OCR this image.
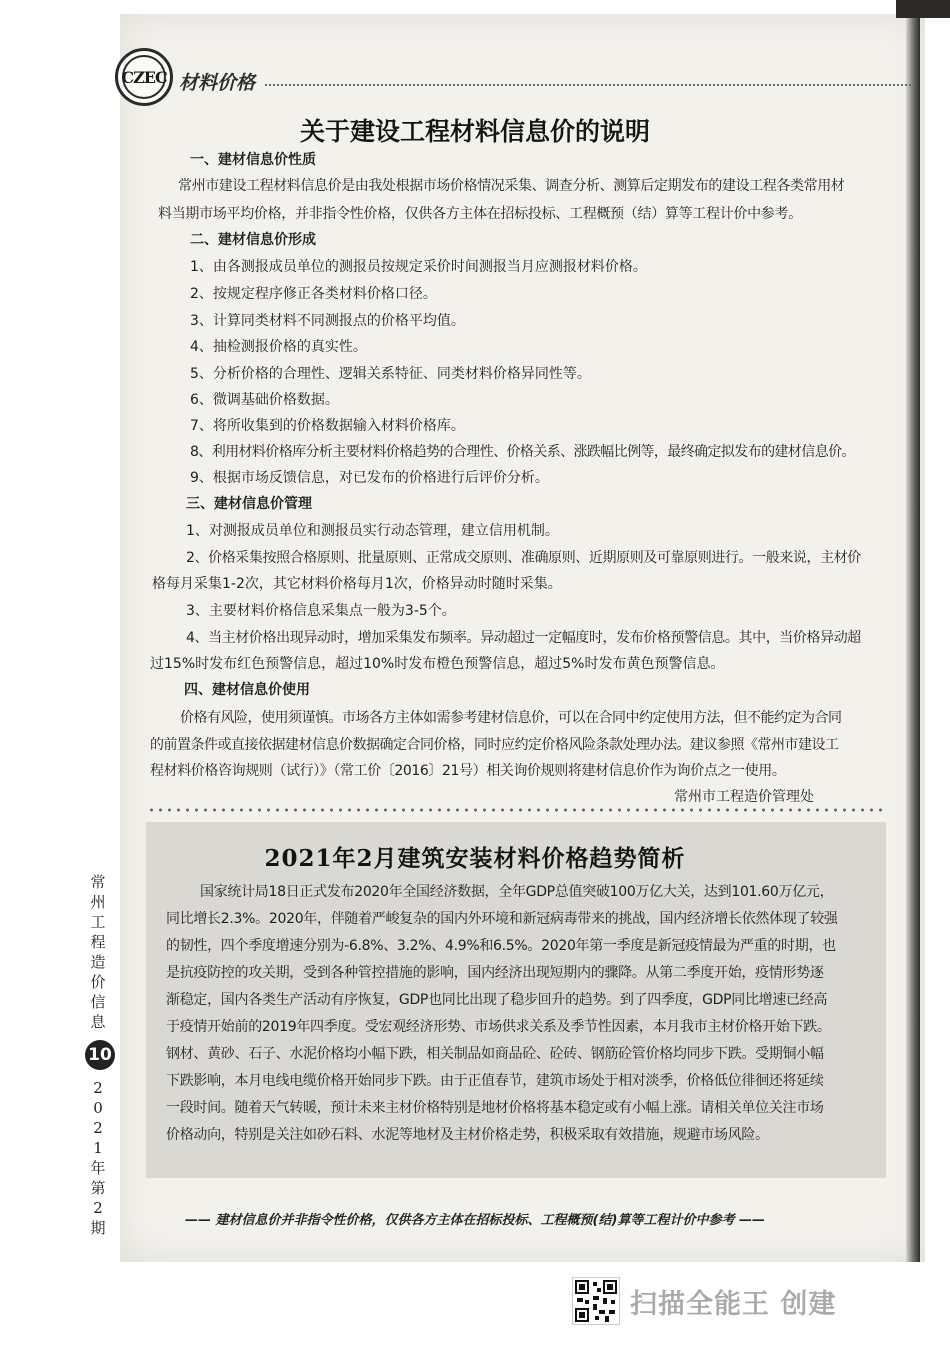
CZEC 材料价格
关于建设工程材料信息价的说明
一、建材信息价性质
常州市建设工程材料信息价是由我处根据市场价格情况采集、调查分析、测算后定期发布的建设工程各类常用材
料当期市场平均价格，并非指令性价格，仅供各方主体在招标投标、工程概预（结）算等工程计价中参考。
二、建材信息价形成
1、由各测报成员单位的测报员按规定采价时间测报当月应测报材料价格。
2、按规定程序修正各类材料价格口径。
3、计算同类材料不同测报点的价格平均值。
4、抽检测报价格的真实性。
5、分析价格的合理性、逻辑关系特征、同类材料价格异同性等。
6、微调基础价格数据。
7、将所收集到的价格数据输入材料价格库。
8、利用材料价格库分析主要材料价格趋势的合理性、价格关系、涨跌幅比例等，最终确定拟发布的建材信息价。
9、根据市场反馈信息，对已发布的价格进行后评价分析。
三、建材信息价管理
1、对测报成员单位和测报员实行动态管理，建立信用机制。
2、价格采集按照合格原则、批量原则、正常成交原则、准确原则、近期原则及可靠原则进行。一般来说，主材价
格每月采集1-2次，其它材料价格每月1次，价格异动时随时采集。
3、主要材料价格信息采集点一般为3-5个。
4、当主材价格出现异动时，增加采集发布频率。异动超过一定幅度时，发布价格预警信息。其中，当价格异动超
过15%时发布红色预警信息，超过10%时发布橙色预警信息，超过5%时发布黄色预警信息。
四、建材信息价使用
价格有风险，使用须谨慎。市场各方主体如需参考建材信息价，可以在合同中约定使用方法，但不能约定为合同
的前置条件或直接依据建材信息价数据确定合同价格，同时应约定价格风险条款处理办法。建议参照《常州市建设工
程材料价格咨询规则（试行）》（常工价〔2016〕21号）相关询价规则将建材信息价作为询价点之一使用。
常州市工程造价管理处
2021年2月建筑安装材料价格趋势简析
国家统计局18日正式发布2020年全国经济数据，全年GDP总值突破100万亿大关，达到101.60万亿元，
同比增长2.3%。2020年，伴随着严峻复杂的国内外环境和新冠病毒带来的挑战，国内经济增长依然体现了较强
的韧性，四个季度增速分别为-6.8%、3.2%、4.9%和6.5%。2020年第一季度是新冠疫情最为严重的时期，也
是抗疫防控的攻关期，受到各种管控措施的影响，国内经济出现短期内的骤降。从第二季度开始，疫情形势逐
渐稳定，国内各类生产活动有序恢复，GDP也同比出现了稳步回升的趋势。到了四季度，GDP同比增速已经高
于疫情开始前的2019年四季度。受宏观经济形势、市场供求关系及季节性因素，本月我市主材价格开始下跌。
钢材、黄砂、石子、水泥价格均小幅下跌，相关制品如商品砼、砼砖、钢筋砼管价格均同步下跌。受期铜小幅
下跌影响，本月电线电缆价格开始同步下跌。由于正值春节，建筑市场处于相对淡季，价格低位徘徊还将延续
一段时间。随着天气转暖，预计未来主材价格特别是地材价格将基本稳定或有小幅上涨。请相关单位关注市场
价格动向，特别是关注如砂石料、水泥等地材及主材价格走势，积极采取有效措施，规避市场风险。
常
州
工
程
造
价
信
息
10
2
0
2
1
年
第
2
期	—— 建材信息价并非指令性价格，仅供各方主体在招标投标、工程概预(结)算等工程计价中参考 ——
扫描全能王 创建
